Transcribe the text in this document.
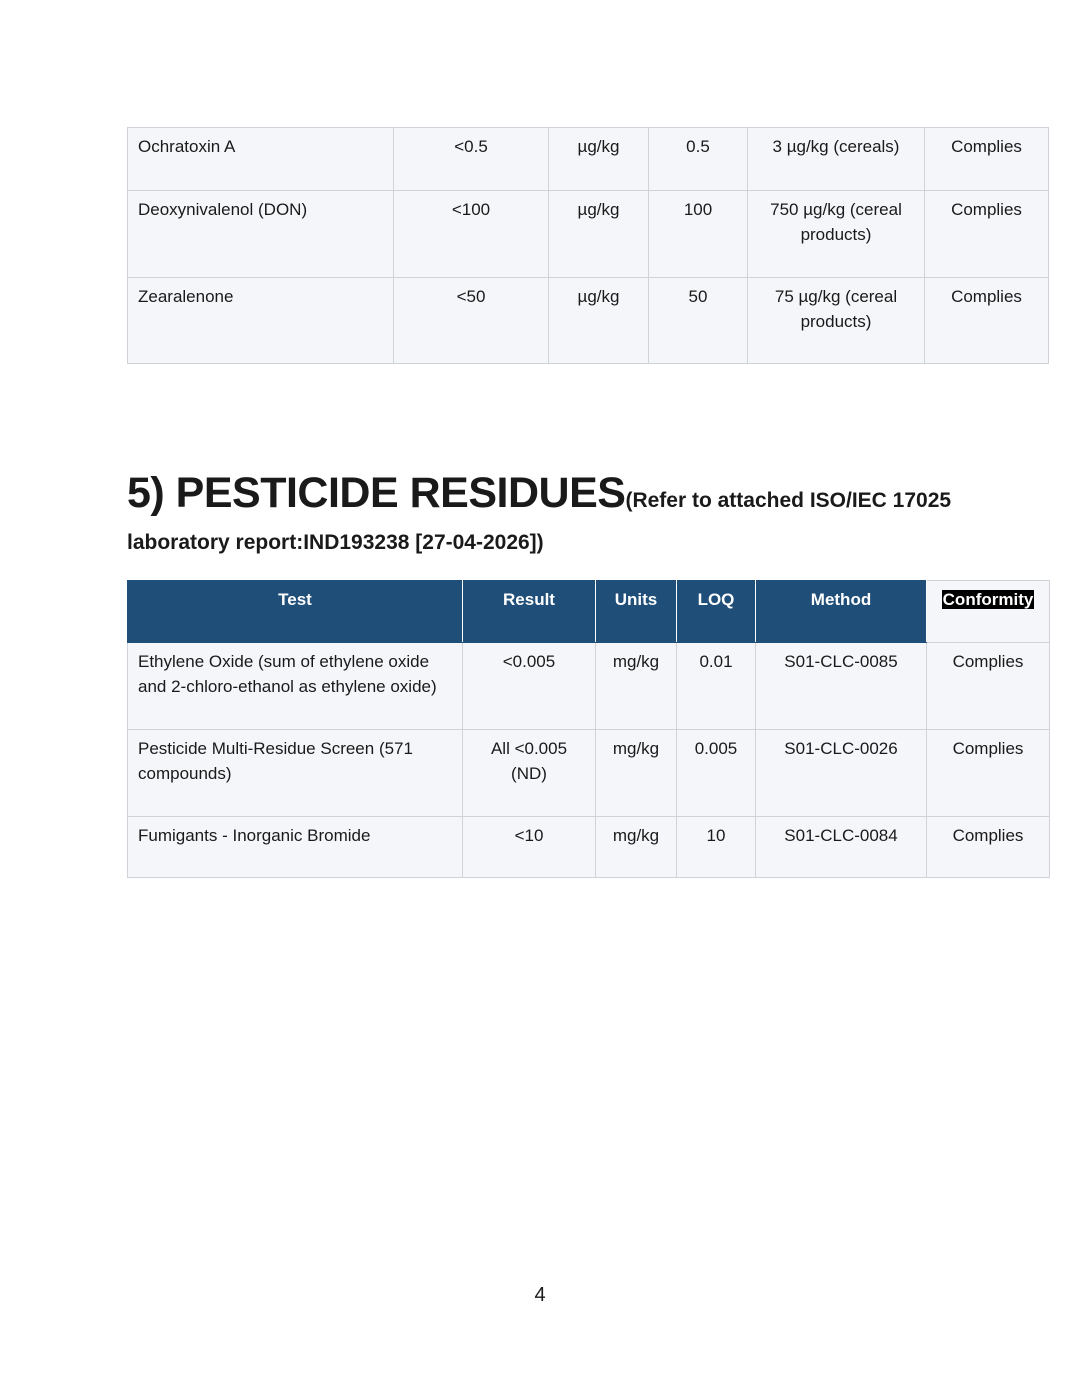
Ochratoxin A	<0.5	µg/kg	0.5	3 µg/kg (cereals)	Complies
Deoxynivalenol (DON)	<100	µg/kg	100	750 µg/kg (cereal products)	Complies
Zearalenone	<50	µg/kg	50	75 µg/kg (cereal products)	Complies
5) PESTICIDE RESIDUES(Refer to attached ISO/IEC 17025
laboratory report:IND193238 [27-04-2026])
Test	Result	Units	LOQ	Method	Conformity
Ethylene Oxide (sum of ethylene oxide and 2-chloro-ethanol as ethylene oxide)	<0.005	mg/kg	0.01	S01-CLC-0085	Complies
Pesticide Multi-Residue Screen (571 compounds)	All <0.005 (ND)	mg/kg	0.005	S01-CLC-0026	Complies
Fumigants - Inorganic Bromide	<10	mg/kg	10	S01-CLC-0084	Complies
4
